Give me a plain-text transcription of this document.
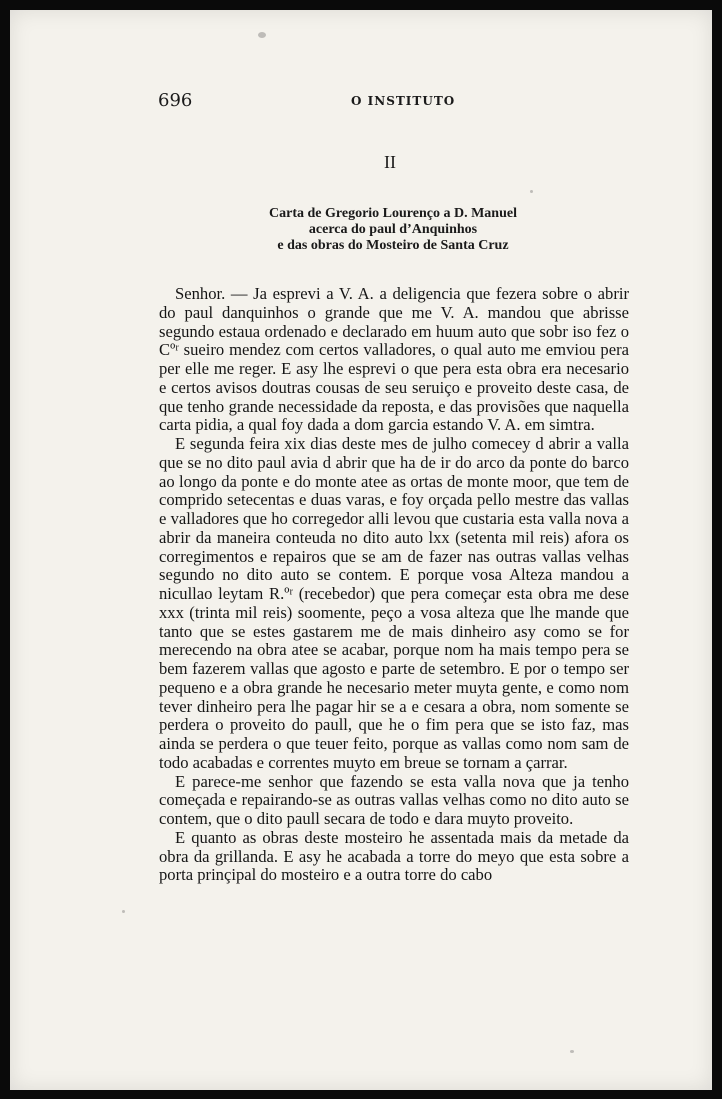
696	O INSTITUTO
II
Carta de Gregorio Lourenço a D. Manuel
acerca do paul d’Anquinhos
e das obras do Mosteiro de Santa Cruz

Senhor. — Ja esprevi a V. A. a deligencia que fezera sobre o abrir do paul danquinhos o grande que me V. A. mandou que abrisse segundo estaua ordenado e declarado em huum auto que sobr iso fez o Cºʳ sueiro mendez com certos valladores, o qual auto me emviou pera per elle me reger. E asy lhe esprevi o que pera esta obra era necesario e certos avisos doutras cousas de seu seruiço e proveito deste casa, de que tenho grande necessidade da reposta, e das provisões que naquella carta pidia, a qual foy dada a dom garcia estando V. A. em simtra.

E segunda feira xix dias deste mes de julho comecey d abrir a valla que se no dito paul avia d abrir que ha de ir do arco da ponte do barco ao longo da ponte e do monte atee as ortas de monte moor, que tem de comprido setecentas e duas varas, e foy orçada pello mestre das vallas e valladores que ho corregedor alli levou que custaria esta valla nova a abrir da maneira conteuda no dito auto lxx (setenta mil reis) afora os corregimentos e repairos que se am de fazer nas outras vallas velhas segundo no dito auto se contem. E porque vosa Alteza mandou a nicullao leytam R.ºʳ (recebedor) que pera começar esta obra me dese xxx (trinta mil reis) soomente, peço a vosa alteza que lhe mande que tanto que se estes gastarem me de mais dinheiro asy como se for merecendo na obra atee se acabar, porque nom ha mais tempo pera se bem fazerem vallas que agosto e parte de setembro. E por o tempo ser pequeno e a obra grande he necesario meter muyta gente, e como nom tever dinheiro pera lhe pagar hir se a e cesara a obra, nom somente se perdera o proveito do paull, que he o fim pera que se isto faz, mas ainda se perdera o que teuer feito, porque as vallas como nom sam de todo acabadas e correntes muyto em breue se tornam a çarrar.

E parece-me senhor que fazendo se esta valla nova que ja tenho começada e repairando-se as outras vallas velhas como no dito auto se contem, que o dito paull secara de todo e dara muyto proveito.

E quanto as obras deste mosteiro he assentada mais da metade da obra da grillanda. E asy he acabada a torre do meyo que esta sobre a porta prinçipal do mosteiro e a outra torre do cabo
